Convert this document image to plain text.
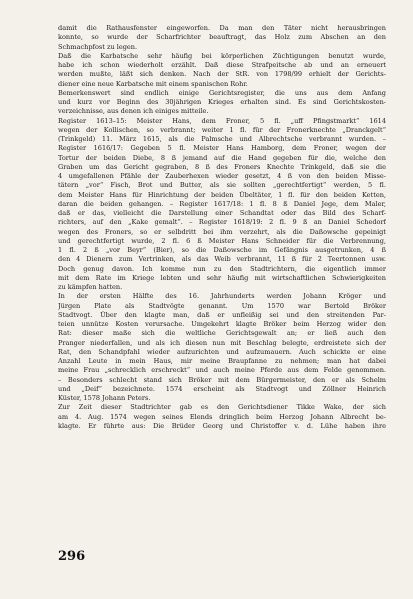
damit die Rathausfenster eingeworfen. Da man den Täter nicht herausbringen
konnte, so wurde der Scharfrichter beauftragt, das Holz zum Abschen an den
Schmachpfost zu legen.
Daß die Karbatsche sehr häufig bei körperlichen Züchtigungen benutzt wurde,
habe ich schon wiederholt erzählt. Daß diese Strafpeitsche ab und an erneuert
werden mußte, läßt sich denken. Nach der StR. von 1798/99 erhielt der Gerichts-
diener eine neue Karbatsche mit einem spanischen Rohr.
Bemerkenswert sind endlich einige Gerichtsregister, die uns aus dem Anfang
und kurz vor Beginn des 30jährigen Krieges erhalten sind. Es sind Gerichtskosten-
verzeichnisse, aus denen ich einiges mitteile.
Register 1613–15: Meister Hans, dem Froner, 5 fl. „uff Pfingstmarkt“ 1614
wegen der Kollischen, so verbrannt; weiter 1 fl. für der Fronerknechte „Dranckgelt“
(Trinkgeld) 11. März 1615, als die Palmsche und Albrechtsche verbrannt wurden. –
Register 1616/17: Gegeben 5 fl. Meister Hans Hamborg, dem Froner, wegen der
Tortur der beiden Diebe, 8 ß jemand auf die Hand gegeben für die, welche den
Graben um das Gericht gegraben, 8 ß des Froners Knechte Trinkgeld, daß sie die
4 umgefallenen Pfähle der Zauberhexen wieder gesetzt, 4 ß von den beiden Misse-
tätern „vor“ Fisch, Brot und Butter, als sie sollten „gerechtfertigt“ werden, 5 fl.
dem Meister Hans für Hinrichtung der beiden Übeltäter, 1 fl. für den beiden Ketten,
daran die beiden gehangen. – Register 1617/18: 1 fl. 8 ß Daniel Jege, dem Maler,
daß er das, vielleicht die Darstellung einer Schandtat oder das Bild des Scharf-
richters, auf den „Kake gemalt“. – Register 1618/19: 2 fl. 9 ß an Daniel Schedorf
wegen des Froners, so er selbdritt bei ihm verzehrt, als die Daßowsche gepeinigt
und gerechtfertigt wurde, 2 fl. 6 ß Meister Hans Schneider für die Verbrennung,
1 fl. 2 ß „vor Beyr“ (Bier), so die Daßowsche im Gefängnis ausgetrunken, 4 ß
den 4 Dienern zum Vertrinken, als das Weib verbrannt, 11 ß für 2 Teertonnen usw.
Doch genug davon. Ich komme nun zu den Stadtrichtern, die eigentlich immer
mit dem Rate im Kriege lebten und sehr häufig mit wirtschaftlichen Schwierigkeiten
zu kämpfen hatten.
In der ersten Hälfte des 16. Jahrhunderts werden Johann Kröger und
Jürgen Plate als Stadtvögte genannt. Um 1570 war Bertold Bröker
Stadtvogt. Über den klagte man, daß er unfleißig sei und den streitenden Par-
teien unnütze Kosten verursache. Umgekehrt klagte Bröker beim Herzog wider den
Rat: dieser maße sich die weltliche Gerichtsgewalt an; er ließ auch den
Pranger niederfallen, und als ich diesen nun mit Beschlag belegte, erdreistete sich der
Rat, den Schandpfahl wieder aufzurichten und aufzumauern. Auch schickte er eine
Anzahl Leute in mein Haus, mir meine Braupfanne zu nehmen; man hat dabei
meine Frau „schrecklich erschreckt“ und auch meine Pferde aus dem Felde genommen.
– Besonders schlecht stand sich Bröker mit dem Bürgermeister, den er als Schelm
und „Deif“ bezeichnete. 1574 erscheint als Stadtvogt und Zöllner Heinrich
Küster, 1578 Johann Peters.
Zur Zeit dieser Stadtrichter gab es den Gerichtsdiener Tikke Wake, der sich
am 4. Aug. 1574 wegen seines Elends dringlich beim Herzog Johann Albrecht be-
klagte. Er führte aus: Die Brüder Georg und Christoffer v. d. Lühe haben ihre
296
